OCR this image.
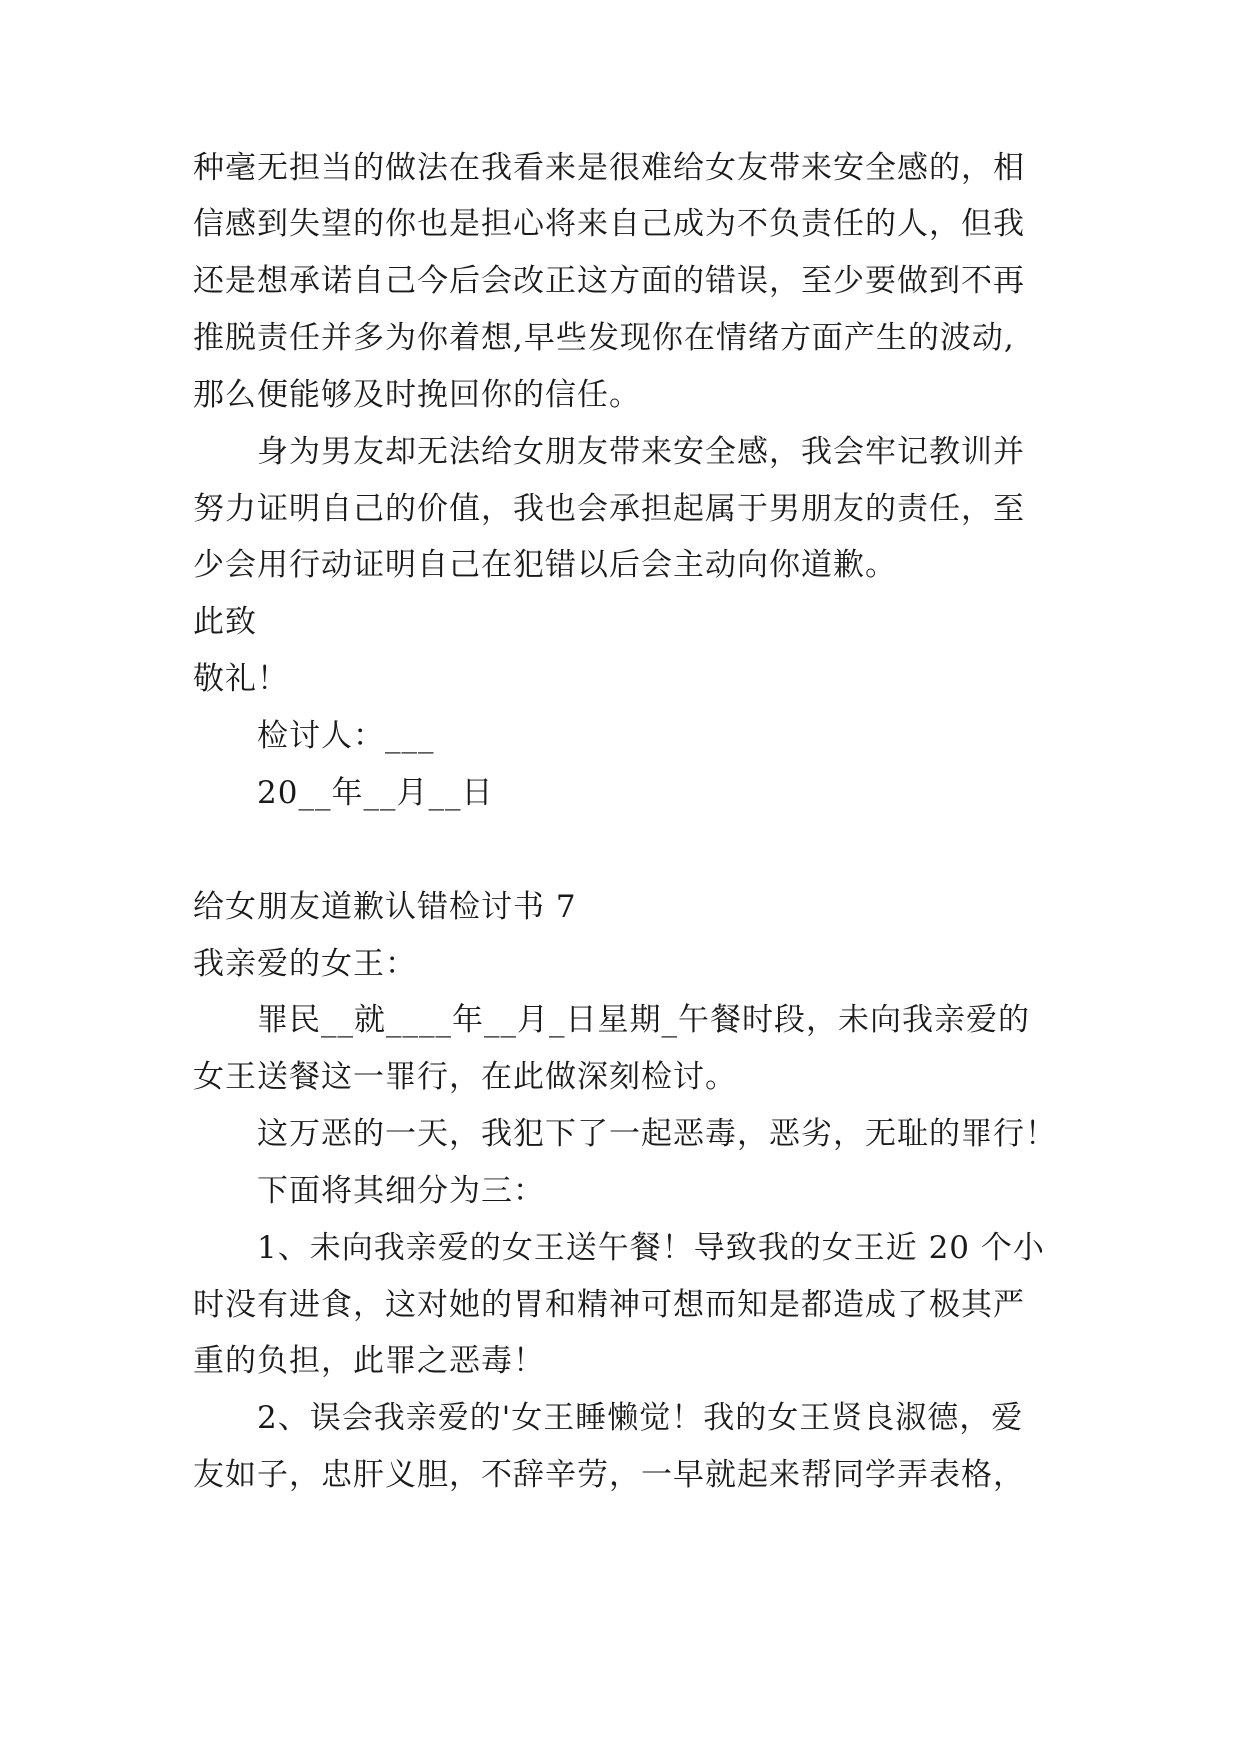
种毫无担当的做法在我看来是很难给女友带来安全感的，相
信感到失望的你也是担心将来自己成为不负责任的人，但我
还是想承诺自己今后会改正这方面的错误，至少要做到不再
推脱责任并多为你着想,早些发现你在情绪方面产生的波动,
那么便能够及时挽回你的信任。
身为男友却无法给女朋友带来安全感，我会牢记教训并
努力证明自己的价值，我也会承担起属于男朋友的责任，至
少会用行动证明自己在犯错以后会主动向你道歉。
此致
敬礼！
检讨人：___
20__年__月__日
给女朋友道歉认错检讨书 7
我亲爱的女王：
罪民__就____年__月_日星期_午餐时段，未向我亲爱的
女王送餐这一罪行，在此做深刻检讨。
这万恶的一天，我犯下了一起恶毒，恶劣，无耻的罪行！
下面将其细分为三：
1、未向我亲爱的女王送午餐！导致我的女王近 20 个小
时没有进食，这对她的胃和精神可想而知是都造成了极其严
重的负担，此罪之恶毒！
2、误会我亲爱的'女王睡懒觉！我的女王贤良淑德，爱
友如子，忠肝义胆，不辞辛劳，一早就起来帮同学弄表格，
